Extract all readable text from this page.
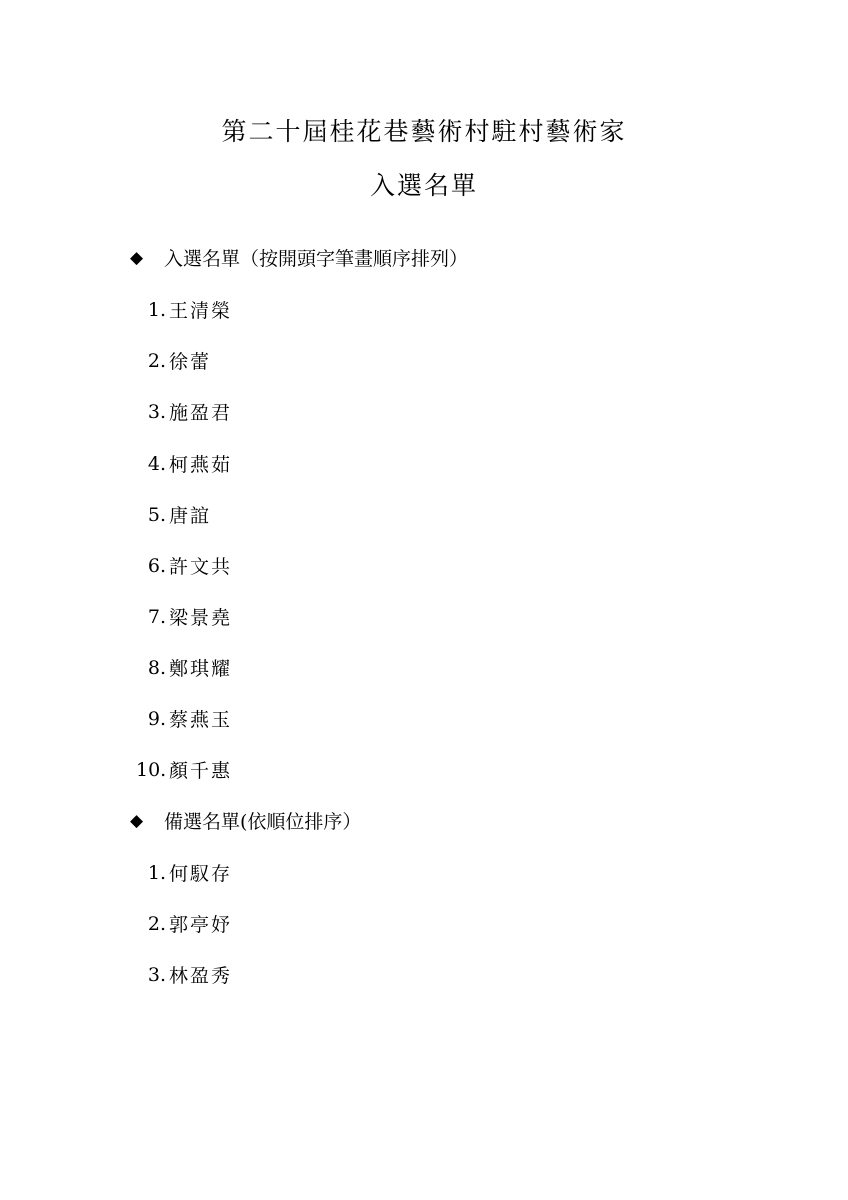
第二十屆桂花巷藝術村駐村藝術家
入選名單
◆	入選名單（按開頭字筆畫順序排列）
1. 王清榮
2. 徐蕾
3. 施盈君
4. 柯燕茹
5. 唐誼
6. 許文共
7. 梁景堯
8. 鄭琪耀
9. 蔡燕玉
10. 顏千惠
◆	備選名單(依順位排序）
1. 何馭存
2. 郭亭妤
3. 林盈秀
